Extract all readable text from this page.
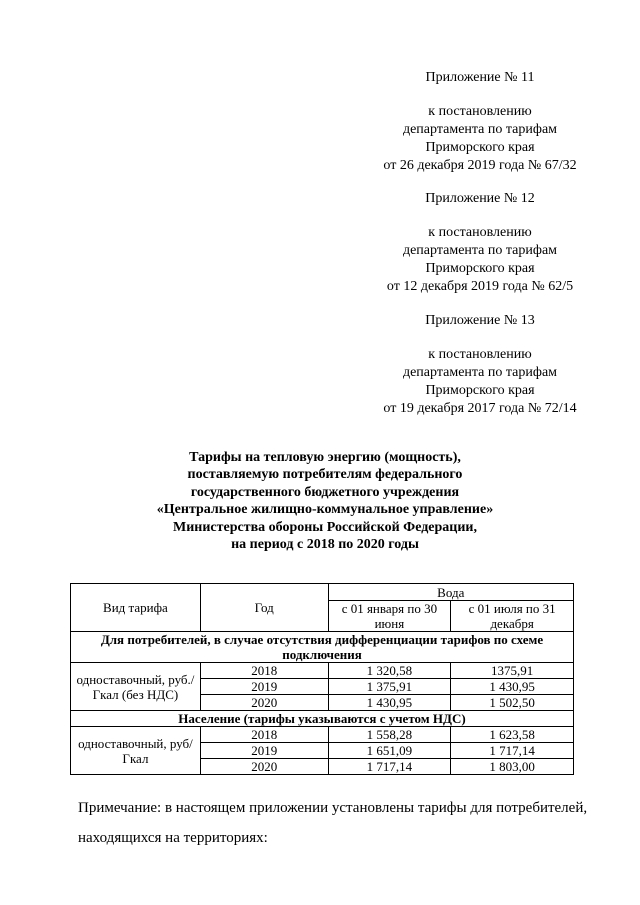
Приложение № 11
к постановлению
департамента по тарифам
Приморского края
от 26 декабря 2019 года № 67/32
Приложение № 12
к постановлению
департамента по тарифам
Приморского края
от 12 декабря 2019 года № 62/5
Приложение № 13
к постановлению
департамента по тарифам
Приморского края
от 19 декабря 2017 года № 72/14
Тарифы на тепловую энергию (мощность),
поставляемую потребителям федерального
государственного бюджетного учреждения
«Центральное жилищно-коммунальное управление»
Министерства обороны Российской Федерации,
на период с 2018 по 2020 годы
Вид тарифа	Год	Вода	
		с 01 января по 30 июня	с 01 июля по 31 декабря
Для потребителей, в случае отсутствия дифференциации тарифов по схеме подключения			
одноставочный, руб./Гкал (без НДС)	2018	1 320,58	1375,91
	2019	1 375,91	1 430,95
	2020	1 430,95	1 502,50
Население (тарифы указываются с учетом НДС)			
одноставочный, руб/Гкал	2018	1 558,28	1 623,58
	2019	1 651,09	1 717,14
	2020	1 717,14	1 803,00
Примечание: в настоящем приложении установлены тарифы для потребителей,
находящихся на территориях:
